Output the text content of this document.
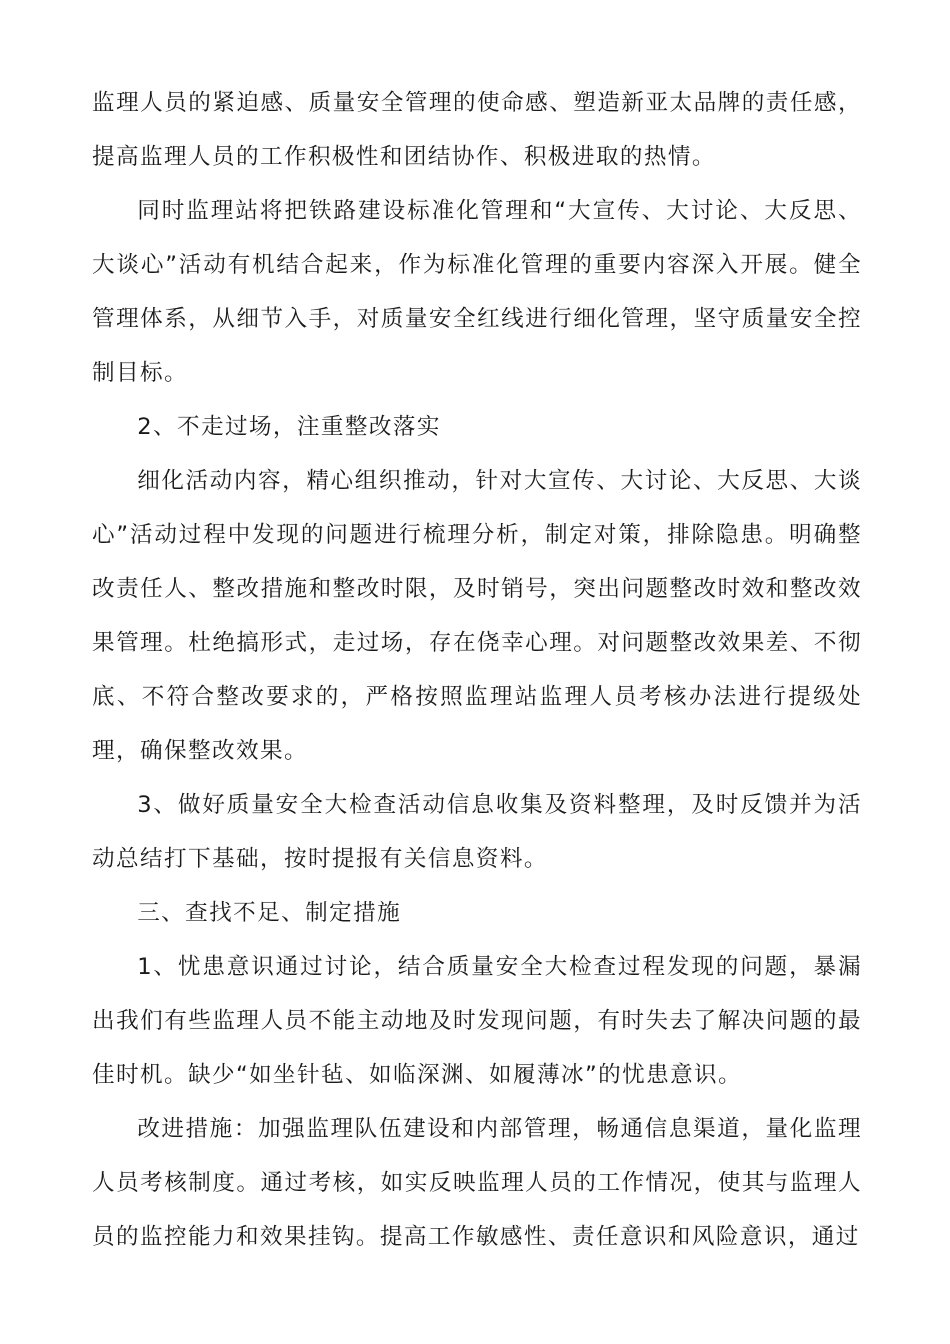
监理人员的紧迫感、质量安全管理的使命感、塑造新亚太品牌的责任感，提高监理人员的工作积极性和团结协作、积极进取的热情。

同时监理站将把铁路建设标准化管理和“大宣传、大讨论、大反思、大谈心”活动有机结合起来，作为标准化管理的重要内容深入开展。健全管理体系，从细节入手，对质量安全红线进行细化管理，坚守质量安全控制目标。

2、不走过场，注重整改落实

细化活动内容，精心组织推动，针对大宣传、大讨论、大反思、大谈心”活动过程中发现的问题进行梳理分析，制定对策，排除隐患。明确整改责任人、整改措施和整改时限，及时销号，突出问题整改时效和整改效果管理。杜绝搞形式，走过场，存在侥幸心理。对问题整改效果差、不彻底、不符合整改要求的，严格按照监理站监理人员考核办法进行提级处理，确保整改效果。

3、做好质量安全大检查活动信息收集及资料整理，及时反馈并为活动总结打下基础，按时提报有关信息资料。

三、查找不足、制定措施

1、忧患意识通过讨论，结合质量安全大检查过程发现的问题，暴漏出我们有些监理人员不能主动地及时发现问题，有时失去了解决问题的最佳时机。缺少“如坐针毡、如临深渊、如履薄冰”的忧患意识。

改进措施：加强监理队伍建设和内部管理，畅通信息渠道，量化监理人员考核制度。通过考核，如实反映监理人员的工作情况，使其与监理人员的监控能力和效果挂钩。提高工作敏感性、责任意识和风险意识，通过
